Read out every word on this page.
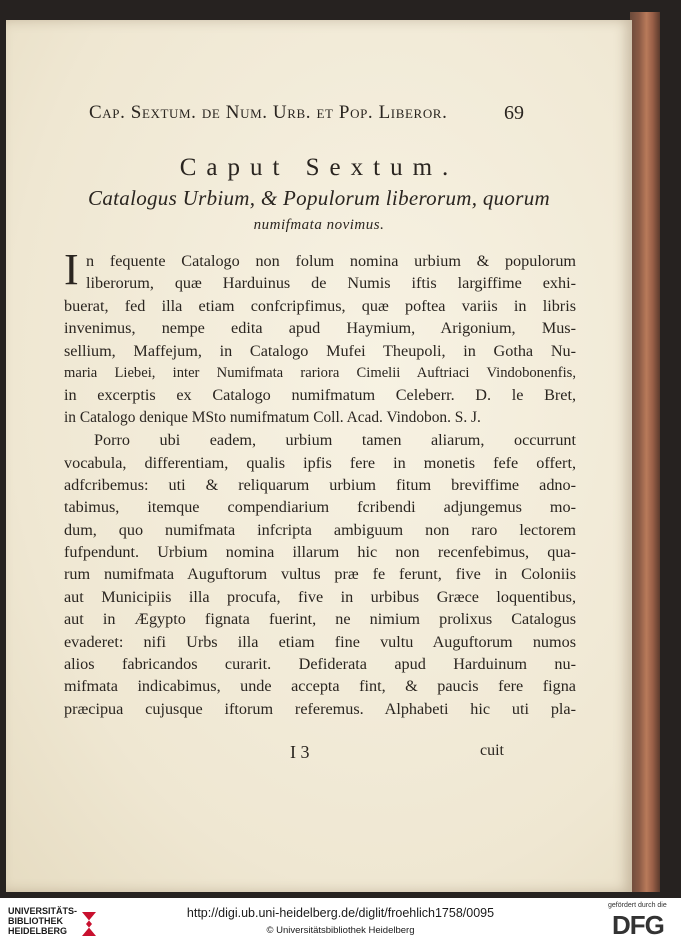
Cap. Sextum. de Num. Urb. et Pop. Liberor.	69
Caput Sextum.
Catalogus Urbium, & Populorum liberorum, quorum
numifmata novimus.
I n fequente Catalogo non folum nomina urbium & populorum
liberorum, quæ Harduinus de Numis iftis largiffime exhi-
buerat, fed illa etiam confcripfimus, quæ poftea variis in libris
invenimus, nempe edita apud Haymium, Arigonium, Mus-
sellium, Maffejum, in Catalogo Mufei Theupoli, in Gotha Nu-
maria Liebei, inter Numifmata rariora Cimelii Auftriaci Vindobonenfis,
in excerptis ex Catalogo numifmatum Celeberr. D. le Bret,
in Catalogo denique MSto numifmatum Coll. Acad. Vindobon. S. J.
Porro ubi eadem, urbium tamen aliarum, occurrunt
vocabula, differentiam, qualis ipfis fere in monetis fefe offert,
adfcribemus: uti & reliquarum urbium fitum breviffime adno-
tabimus, itemque compendiarium fcribendi adjungemus mo-
dum, quo numifmata infcripta ambiguum non raro lectorem
fufpendunt. Urbium nomina illarum hic non recenfebimus, qua-
rum numifmata Auguftorum vultus præ fe ferunt, five in Coloniis
aut Municipiis illa procufa, five in urbibus Græce loquentibus,
aut in Ægypto fignata fuerint, ne nimium prolixus Catalogus
evaderet: nifi Urbs illa etiam fine vultu Auguftorum numos
alios fabricandos curarit. Defiderata apud Harduinum nu-
mifmata indicabimus, unde accepta fint, & paucis fere figna
præcipua cujusque iftorum referemus. Alphabeti hic uti pla-
I 3	cuit
UNIVERSITÄTS-
BIBLIOTHEK
HEIDELBERG
http://digi.ub.uni-heidelberg.de/diglit/froehlich1758/0095
© Universitätsbibliothek Heidelberg
gefördert durch die
DFG
